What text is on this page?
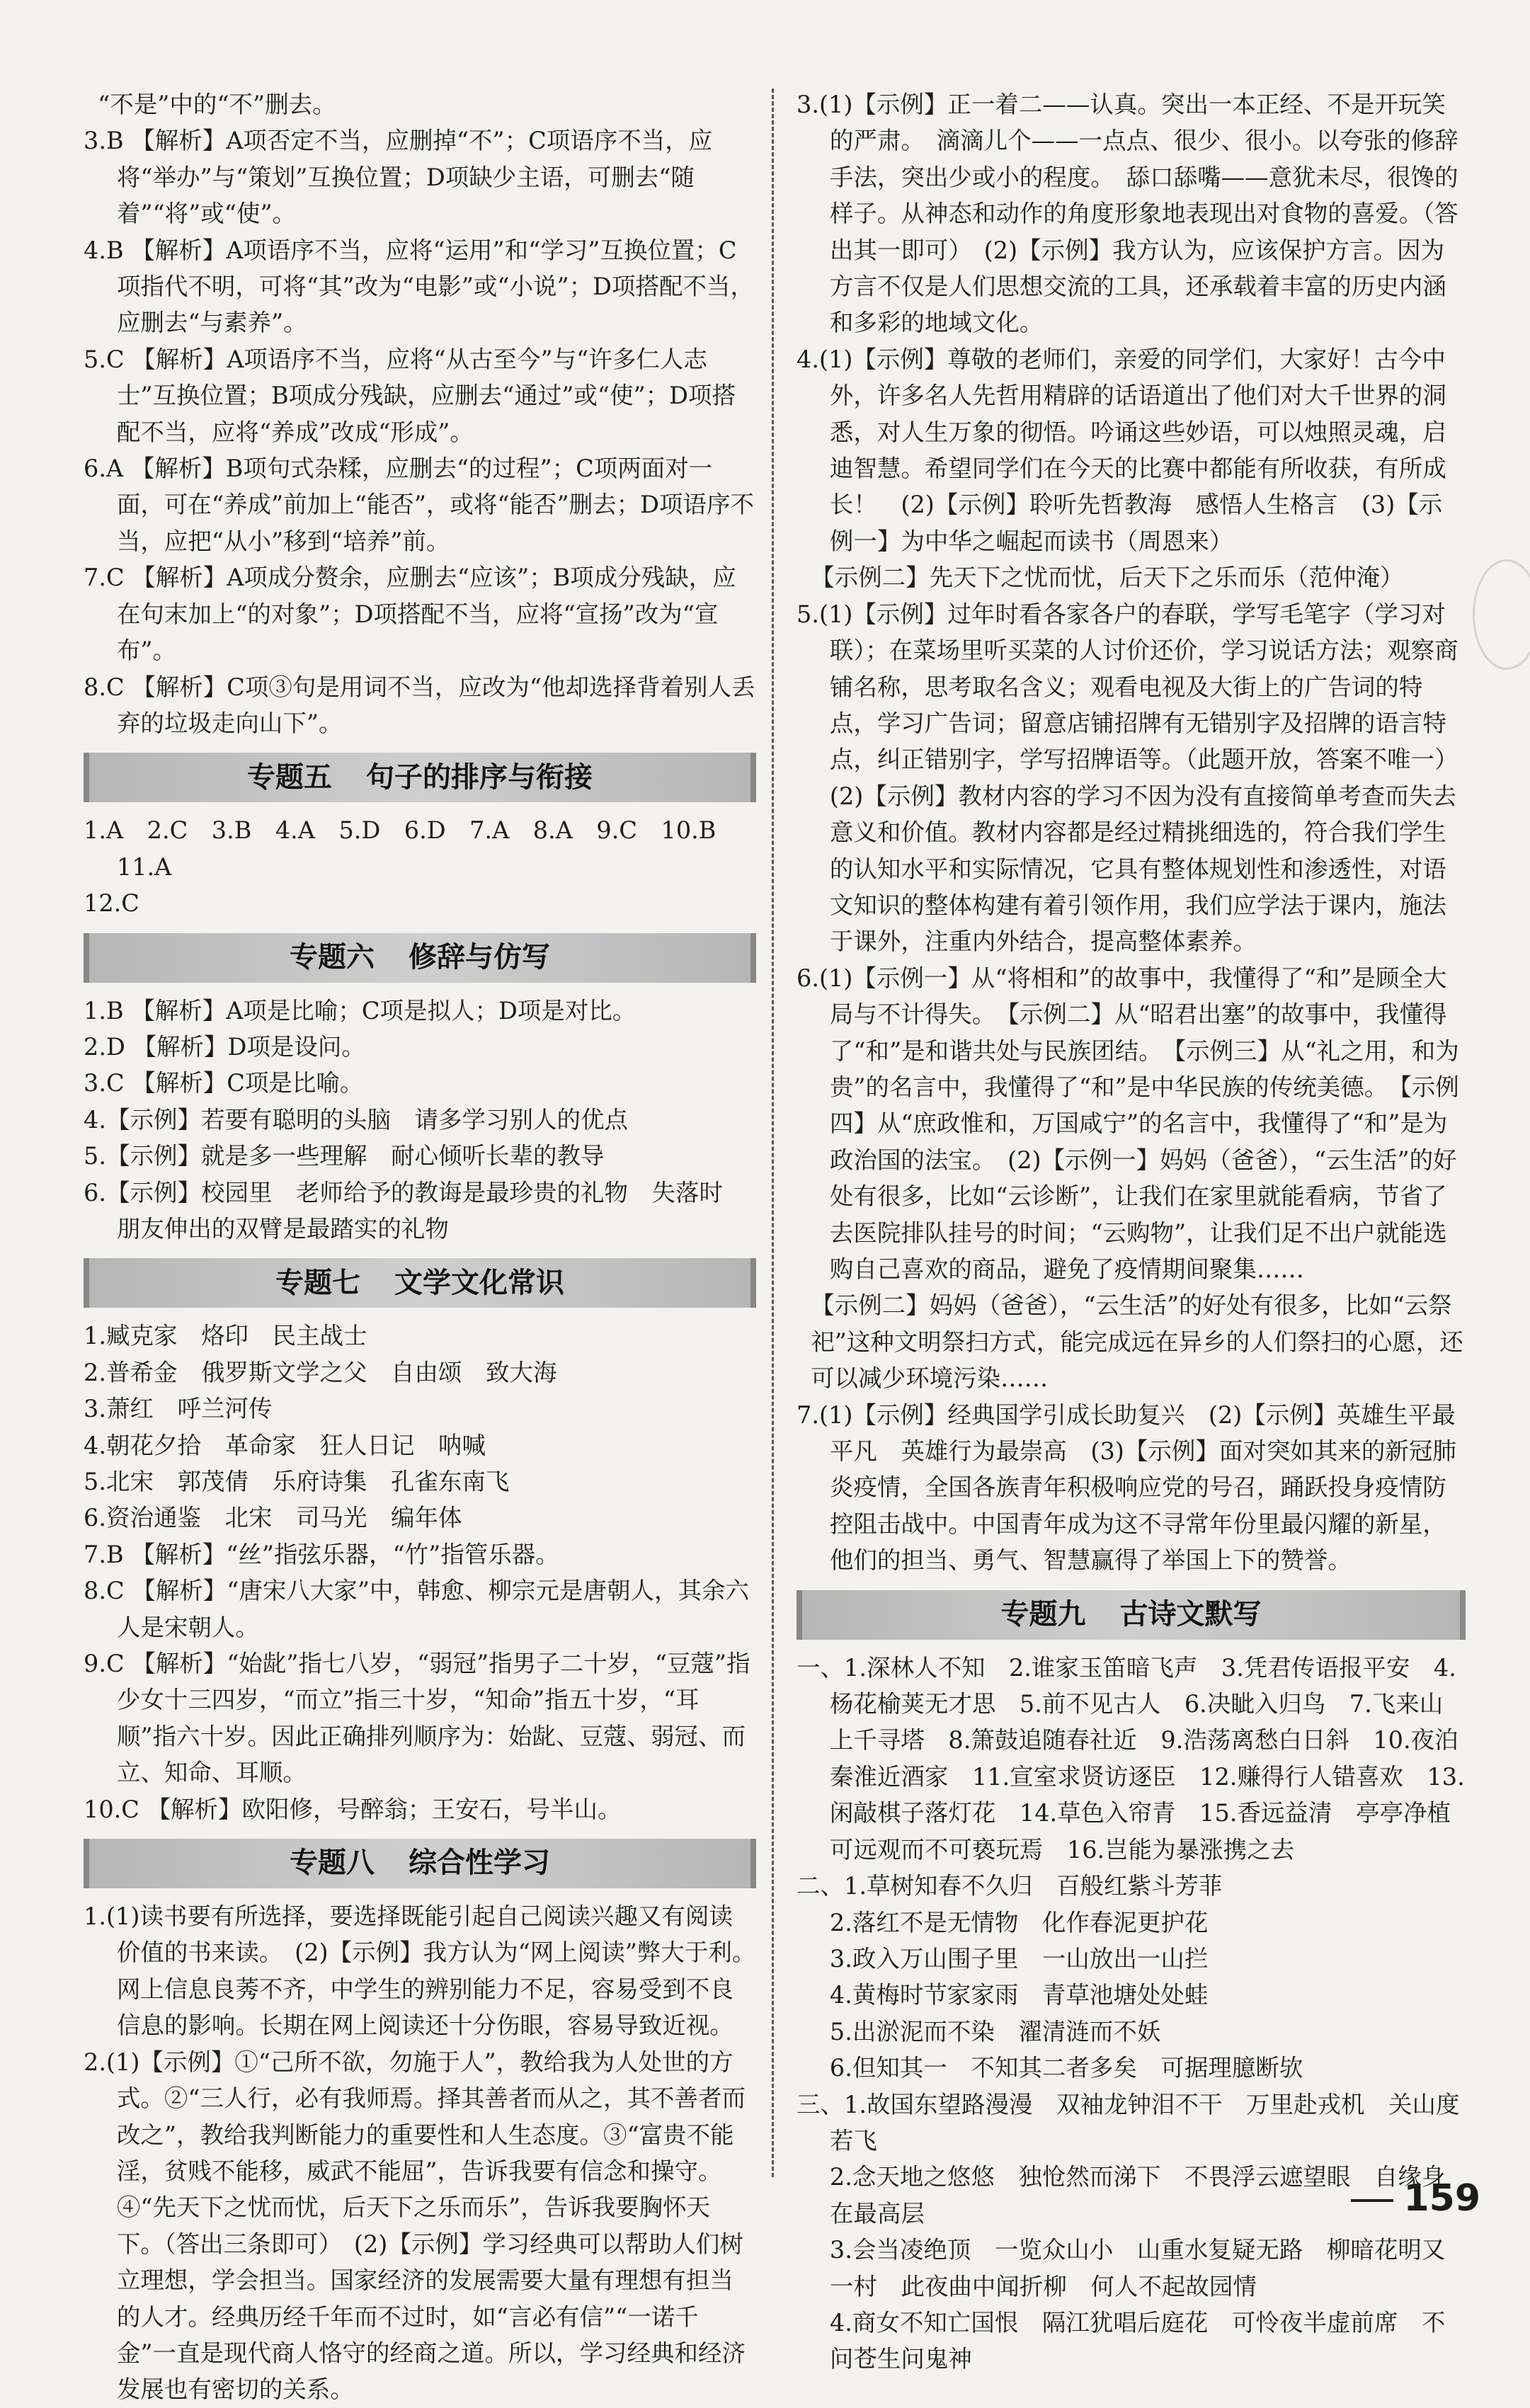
“不是”中的“不”删去。

3.B 【解析】A项否定不当，应删掉“不”；C项语序不当，应将“举办”与“策划”互换位置；D项缺少主语，可删去“随着”“将”或“使”。

4.B 【解析】A项语序不当，应将“运用”和“学习”互换位置；C项指代不明，可将“其”改为“电影”或“小说”；D项搭配不当，应删去“与素养”。

5.C 【解析】A项语序不当，应将“从古至今”与“许多仁人志士”互换位置；B项成分残缺，应删去“通过”或“使”；D项搭配不当，应将“养成”改成“形成”。

6.A 【解析】B项句式杂糅，应删去“的过程”；C项两面对一面，可在“养成”前加上“能否”，或将“能否”删去；D项语序不当，应把“从小”移到“培养”前。

7.C 【解析】A项成分赘余，应删去“应该”；B项成分残缺，应在句末加上“的对象”；D项搭配不当，应将“宣扬”改为“宣布”。

8.C 【解析】C项③句是用词不当，应改为“他却选择背着别人丢弃的垃圾走向山下”。

专题五 句子的排序与衔接

1.A　2.C　3.B　4.A　5.D　6.D　7.A　8.A　9.C　10.B　11.A

12.C

专题六 修辞与仿写

1.B 【解析】A项是比喻；C项是拟人；D项是对比。

2.D 【解析】D项是设问。

3.C 【解析】C项是比喻。

4.【示例】若要有聪明的头脑　请多学习别人的优点

5.【示例】就是多一些理解　耐心倾听长辈的教导

6.【示例】校园里　老师给予的教诲是最珍贵的礼物　失落时　朋友伸出的双臂是最踏实的礼物

专题七 文学文化常识

1.臧克家　烙印　民主战士

2.普希金　俄罗斯文学之父　自由颂　致大海

3.萧红　呼兰河传

4.朝花夕拾　革命家　狂人日记　呐喊

5.北宋　郭茂倩　乐府诗集　孔雀东南飞

6.资治通鉴　北宋　司马光　编年体

7.B 【解析】“丝”指弦乐器，“竹”指管乐器。

8.C 【解析】“唐宋八大家”中，韩愈、柳宗元是唐朝人，其余六人是宋朝人。

9.C 【解析】“始龀”指七八岁，“弱冠”指男子二十岁，“豆蔻”指少女十三四岁，“而立”指三十岁，“知命”指五十岁，“耳顺”指六十岁。因此正确排列顺序为：始龀、豆蔻、弱冠、而立、知命、耳顺。

10.C 【解析】欧阳修，号醉翁；王安石，号半山。

专题八 综合性学习

1.(1)读书要有所选择，要选择既能引起自己阅读兴趣又有阅读价值的书来读。　(2)【示例】我方认为“网上阅读”弊大于利。网上信息良莠不齐，中学生的辨别能力不足，容易受到不良信息的影响。长期在网上阅读还十分伤眼，容易导致近视。

2.(1)【示例】①“己所不欲，勿施于人”，教给我为人处世的方式。②“三人行，必有我师焉。择其善者而从之，其不善者而改之”，教给我判断能力的重要性和人生态度。③“富贵不能淫，贫贱不能移，威武不能屈”，告诉我要有信念和操守。④“先天下之忧而忧，后天下之乐而乐”，告诉我要胸怀天下。（答出三条即可）　(2)【示例】学习经典可以帮助人们树立理想，学会担当。国家经济的发展需要大量有理想有担当的人才。经典历经千年而不过时，如“言必有信”“一诺千金”一直是现代商人恪守的经商之道。所以，学习经典和经济发展也有密切的关系。

3.(1)【示例】正一着二——认真。突出一本正经、不是开玩笑的严肃。　滴滴儿个——一点点、很少、很小。以夸张的修辞手法，突出少或小的程度。　舔口舔嘴——意犹未尽，很馋的样子。从神态和动作的角度形象地表现出对食物的喜爱。（答出其一即可）　(2)【示例】我方认为，应该保护方言。因为方言不仅是人们思想交流的工具，还承载着丰富的历史内涵和多彩的地域文化。

4.(1)【示例】尊敬的老师们，亲爱的同学们，大家好！古今中外，许多名人先哲用精辟的话语道出了他们对大千世界的洞悉，对人生万象的彻悟。吟诵这些妙语，可以烛照灵魂，启迪智慧。希望同学们在今天的比赛中都能有所收获，有所成长！　(2)【示例】聆听先哲教海　感悟人生格言　(3)【示例一】为中华之崛起而读书（周恩来）

【示例二】先天下之忧而忧，后天下之乐而乐（范仲淹）

5.(1)【示例】过年时看各家各户的春联，学写毛笔字（学习对联）；在菜场里听买菜的人讨价还价，学习说话方法；观察商铺名称，思考取名含义；观看电视及大街上的广告词的特点，学习广告词；留意店铺招牌有无错别字及招牌的语言特点，纠正错别字，学写招牌语等。（此题开放，答案不唯一）　(2)【示例】教材内容的学习不因为没有直接简单考查而失去意义和价值。教材内容都是经过精挑细选的，符合我们学生的认知水平和实际情况，它具有整体规划性和渗透性，对语文知识的整体构建有着引领作用，我们应学法于课内，施法于课外，注重内外结合，提高整体素养。

6.(1)【示例一】从“将相和”的故事中，我懂得了“和”是顾全大局与不计得失。　【示例二】从“昭君出塞”的故事中，我懂得了“和”是和谐共处与民族团结。　【示例三】从“礼之用，和为贵”的名言中，我懂得了“和”是中华民族的传统美德。　【示例四】从“庶政惟和，万国咸宁”的名言中，我懂得了“和”是为政治国的法宝。　(2)【示例一】妈妈（爸爸），“云生活”的好处有很多，比如“云诊断”，让我们在家里就能看病，节省了去医院排队挂号的时间；“云购物”，让我们足不出户就能选购自己喜欢的商品，避免了疫情期间聚集……

【示例二】妈妈（爸爸），“云生活”的好处有很多，比如“云祭祀”这种文明祭扫方式，能完成远在异乡的人们祭扫的心愿，还可以减少环境污染……

7.(1)【示例】经典国学引成长助复兴　(2)【示例】英雄生平最平凡　英雄行为最崇高　(3)【示例】面对突如其来的新冠肺炎疫情，全国各族青年积极响应党的号召，踊跃投身疫情防控阻击战中。中国青年成为这不寻常年份里最闪耀的新星，他们的担当、勇气、智慧赢得了举国上下的赞誉。

专题九 古诗文默写

一、1.深林人不知　2.谁家玉笛暗飞声　3.凭君传语报平安　4.杨花榆荚无才思　5.前不见古人　6.决眦入归鸟　7.飞来山上千寻塔　8.箫鼓追随春社近　9.浩荡离愁白日斜　10.夜泊秦淮近酒家　11.宣室求贤访逐臣　12.赚得行人错喜欢　13.闲敲棋子落灯花　14.草色入帘青　15.香远益清　亭亭净植　可远观而不可亵玩焉　16.岂能为暴涨携之去

二、1.草树知春不久归　百般红紫斗芳菲

2.落红不是无情物　化作春泥更护花

3.政入万山围子里　一山放出一山拦

4.黄梅时节家家雨　青草池塘处处蛙

5.出淤泥而不染　濯清涟而不妖

6.但知其一　不知其二者多矣　可据理臆断欤

三、1.故国东望路漫漫　双袖龙钟泪不干　万里赴戎机　关山度若飞

2.念天地之悠悠　独怆然而涕下　不畏浮云遮望眼　自缘身在最高层

3.会当凌绝顶　一览众山小　山重水复疑无路　柳暗花明又一村　此夜曲中闻折柳　何人不起故园情

4.商女不知亡国恨　隔江犹唱后庭花　可怜夜半虚前席　不问苍生问鬼神

159
